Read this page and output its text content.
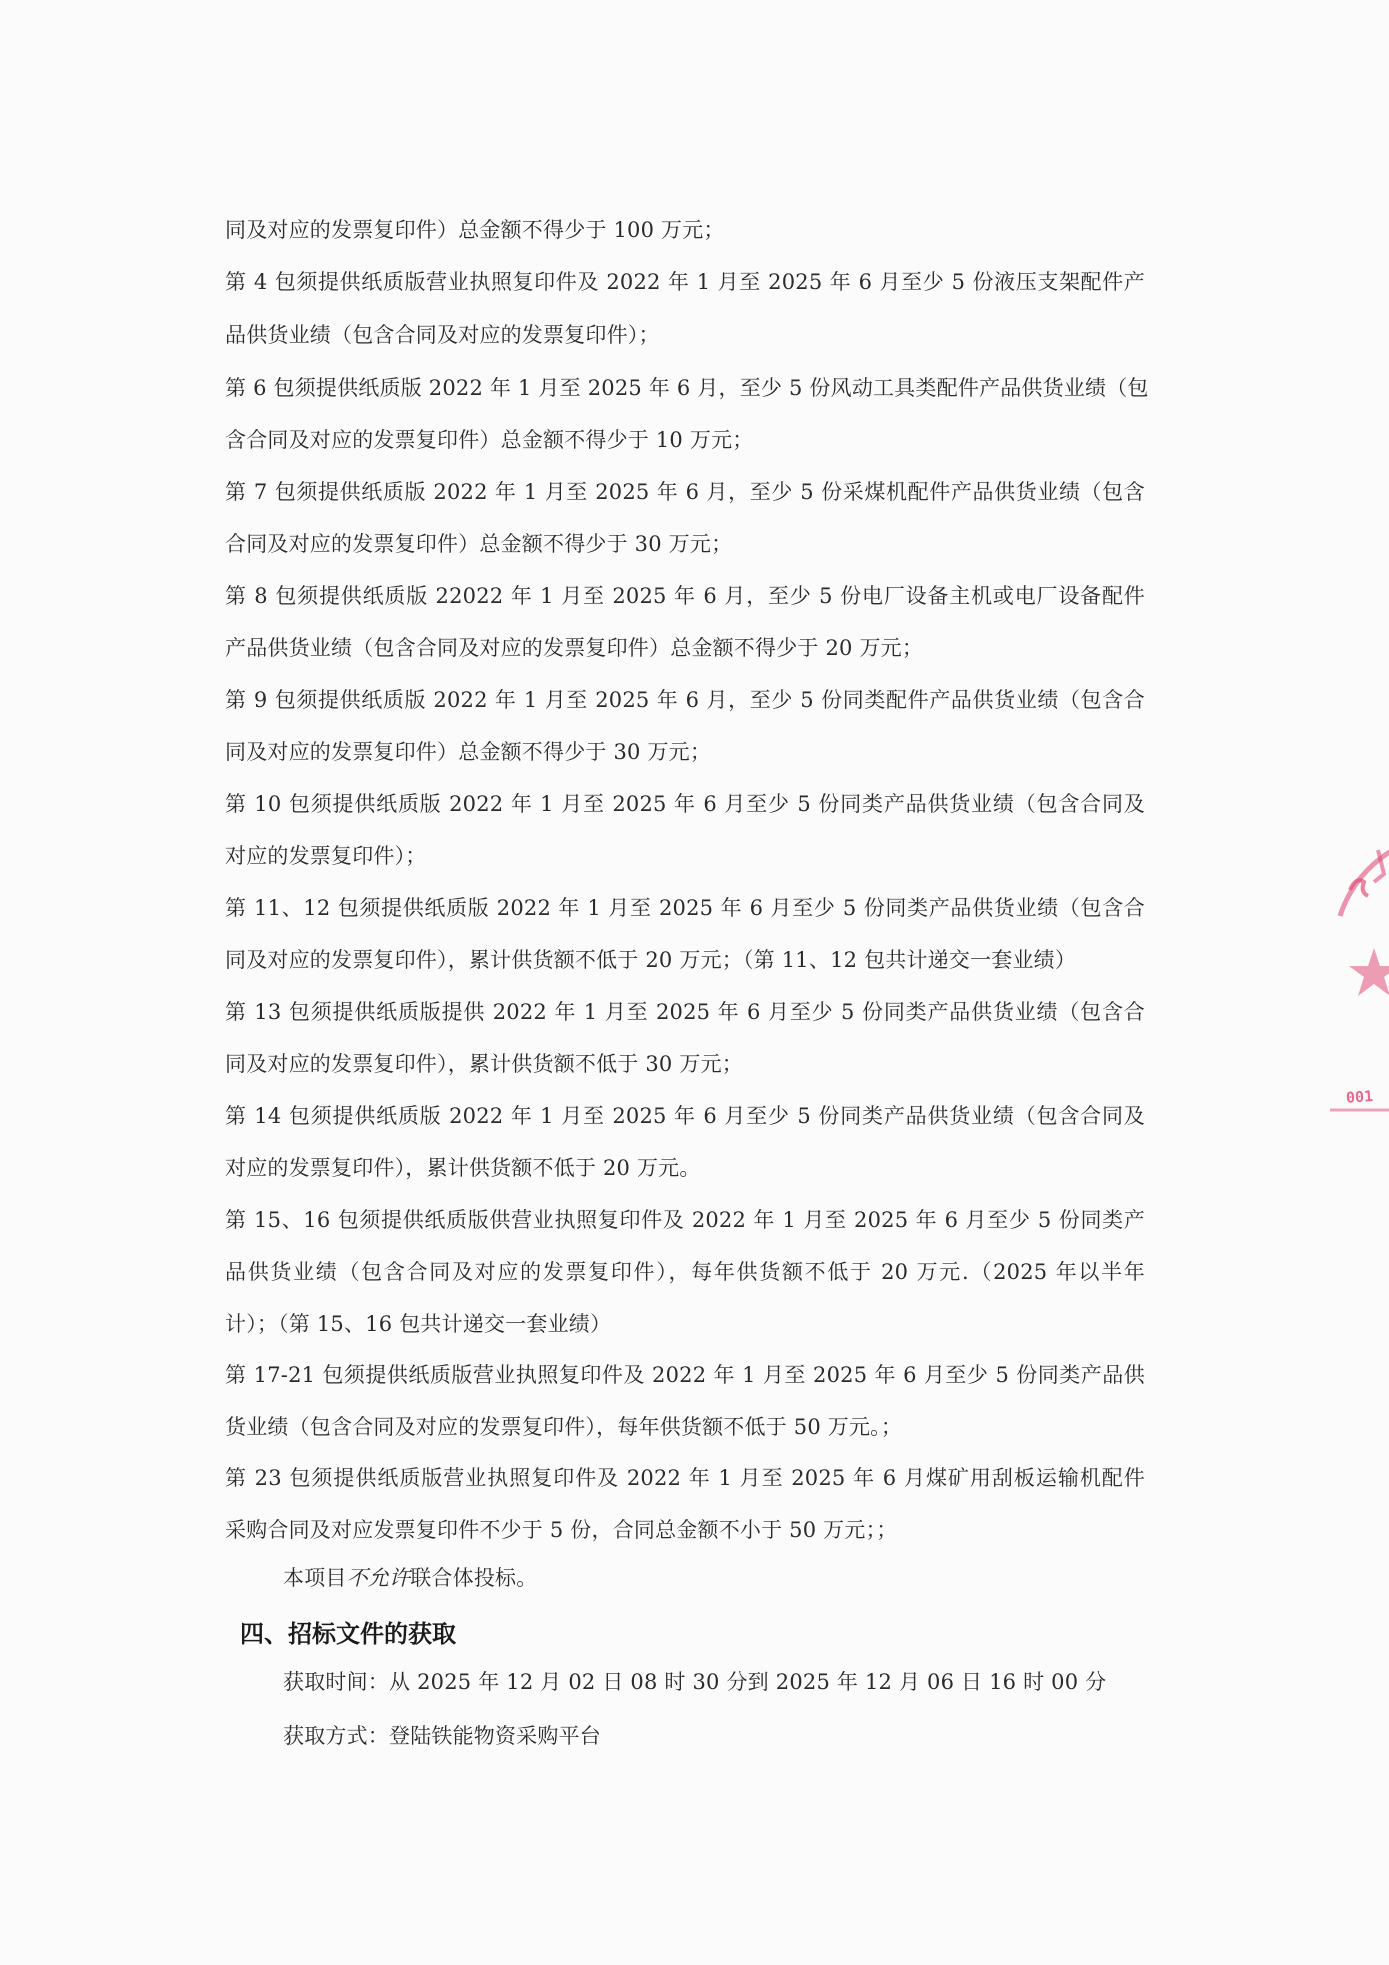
同及对应的发票复印件）总金额不得少于 100 万元；
第 4 包须提供纸质版营业执照复印件及 2022 年 1 月至 2025 年 6 月至少 5 份液压支架配件产
品供货业绩（包含合同及对应的发票复印件）；
第 6 包须提供纸质版 2022 年 1 月至 2025 年 6 月，至少 5 份风动工具类配件产品供货业绩（包
含合同及对应的发票复印件）总金额不得少于 10 万元；
第 7 包须提供纸质版 2022 年 1 月至 2025 年 6 月，至少 5 份采煤机配件产品供货业绩（包含
合同及对应的发票复印件）总金额不得少于 30 万元；
第 8 包须提供纸质版 22022 年 1 月至 2025 年 6 月，至少 5 份电厂设备主机或电厂设备配件
产品供货业绩（包含合同及对应的发票复印件）总金额不得少于 20 万元；
第 9 包须提供纸质版 2022 年 1 月至 2025 年 6 月，至少 5 份同类配件产品供货业绩（包含合
同及对应的发票复印件）总金额不得少于 30 万元；
第 10 包须提供纸质版 2022 年 1 月至 2025 年 6 月至少 5 份同类产品供货业绩（包含合同及
对应的发票复印件）；
第 11、12 包须提供纸质版 2022 年 1 月至 2025 年 6 月至少 5 份同类产品供货业绩（包含合
同及对应的发票复印件），累计供货额不低于 20 万元；（第 11、12 包共计递交一套业绩）
第 13 包须提供纸质版提供 2022 年 1 月至 2025 年 6 月至少 5 份同类产品供货业绩（包含合
同及对应的发票复印件），累计供货额不低于 30 万元；
第 14 包须提供纸质版 2022 年 1 月至 2025 年 6 月至少 5 份同类产品供货业绩（包含合同及
对应的发票复印件），累计供货额不低于 20 万元。
第 15、16 包须提供纸质版供营业执照复印件及 2022 年 1 月至 2025 年 6 月至少 5 份同类产
品供货业绩（包含合同及对应的发票复印件），每年供货额不低于 20 万元.（2025 年以半年
计）；（第 15、16 包共计递交一套业绩）
第 17-21 包须提供纸质版营业执照复印件及 2022 年 1 月至 2025 年 6 月至少 5 份同类产品供
货业绩（包含合同及对应的发票复印件），每年供货额不低于 50 万元。；
第 23 包须提供纸质版营业执照复印件及 2022 年 1 月至 2025 年 6 月煤矿用刮板运输机配件
采购合同及对应发票复印件不少于 5 份，合同总金额不小于 50 万元；；
本项目不允许联合体投标。
四、招标文件的获取
获取时间：从 2025 年 12 月 02 日 08 时 30 分到 2025 年 12 月 06 日 16 时 00 分
获取方式：登陆铁能物资采购平台
001
